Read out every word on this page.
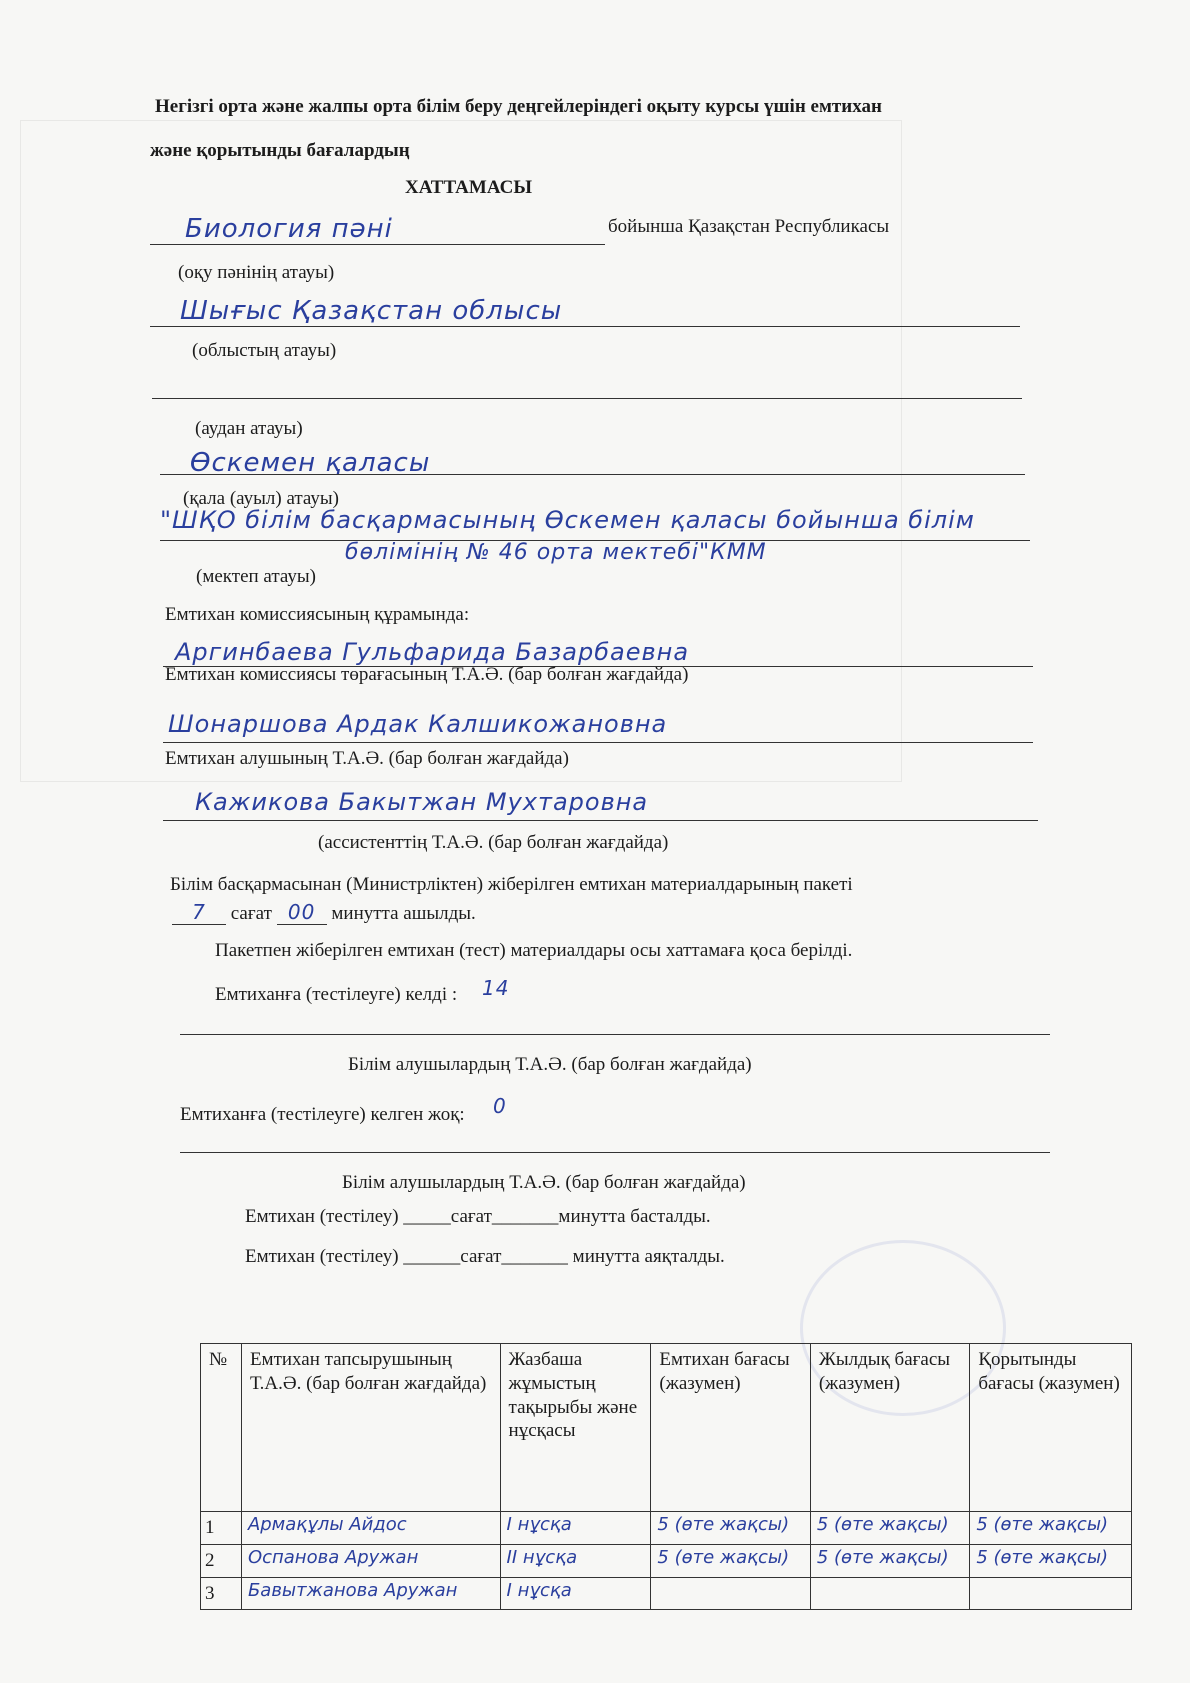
Негізгі орта және жалпы орта білім беру деңгейлеріндегі оқыту курсы үшін емтихан
және қорытынды бағалардың
ХАТТАМАСЫ
Биология пәні	бойынша Қазақстан Республикасы
(оқу пәнінің атауы)
Шығыс Қазақстан облысы
(облыстың атауы)
(аудан атауы)
Өскемен қаласы
(қала (ауыл) атауы)
"ШҚО білім басқармасының Өскемен қаласы бойынша білім
бөлімінің № 46 орта мектебі"КММ
(мектеп атауы)
Емтихан комиссиясының құрамында:
Аргинбаева Гульфарида Базарбаевна
Емтихан комиссиясы төрағасының Т.А.Ә. (бар болған жағдайда)
Шонаршова Ардак Калшикожановна
Емтихан алушының Т.А.Ә. (бар болған жағдайда)
Кажикова Бакытжан Мухтаровна
(ассистенттің Т.А.Ә. (бар болған жағдайда)
Білім басқармасынан (Министрліктен) жіберілген емтихан материалдарының пакеті
7 сағат 00 минутта ашылды.
Пакетпен жіберілген емтихан (тест) материалдары осы хаттамаға қоса берілді.
Емтиханға (тестілеуге) келді : 14
Білім алушылардың Т.А.Ә. (бар болған жағдайда)
Емтиханға (тестілеуге) келген жоқ: 0
Білім алушылардың Т.А.Ә. (бар болған жағдайда)
Емтихан (тестілеу) _____сағат_______минутта басталды.
Емтихан (тестілеу) ______сағат_______ минутта аяқталды.
№	Емтихан тапсырушының Т.А.Ә. (бар болған жағдайда)	Жазбаша жұмыстың тақырыбы және нұсқасы	Емтихан бағасы (жазумен)	Жылдық бағасы (жазумен)	Қорытынды бағасы (жазумен)
1	Армақұлы Айдос	I нұсқа	5 (өте жақсы)	5 (өте жақсы)	5 (өте жақсы)
2	Оспанова Аружан	II нұсқа	5 (өте жақсы)	5 (өте жақсы)	5 (өте жақсы)
3	Бавытжанова Аружан	I нұсқа			
